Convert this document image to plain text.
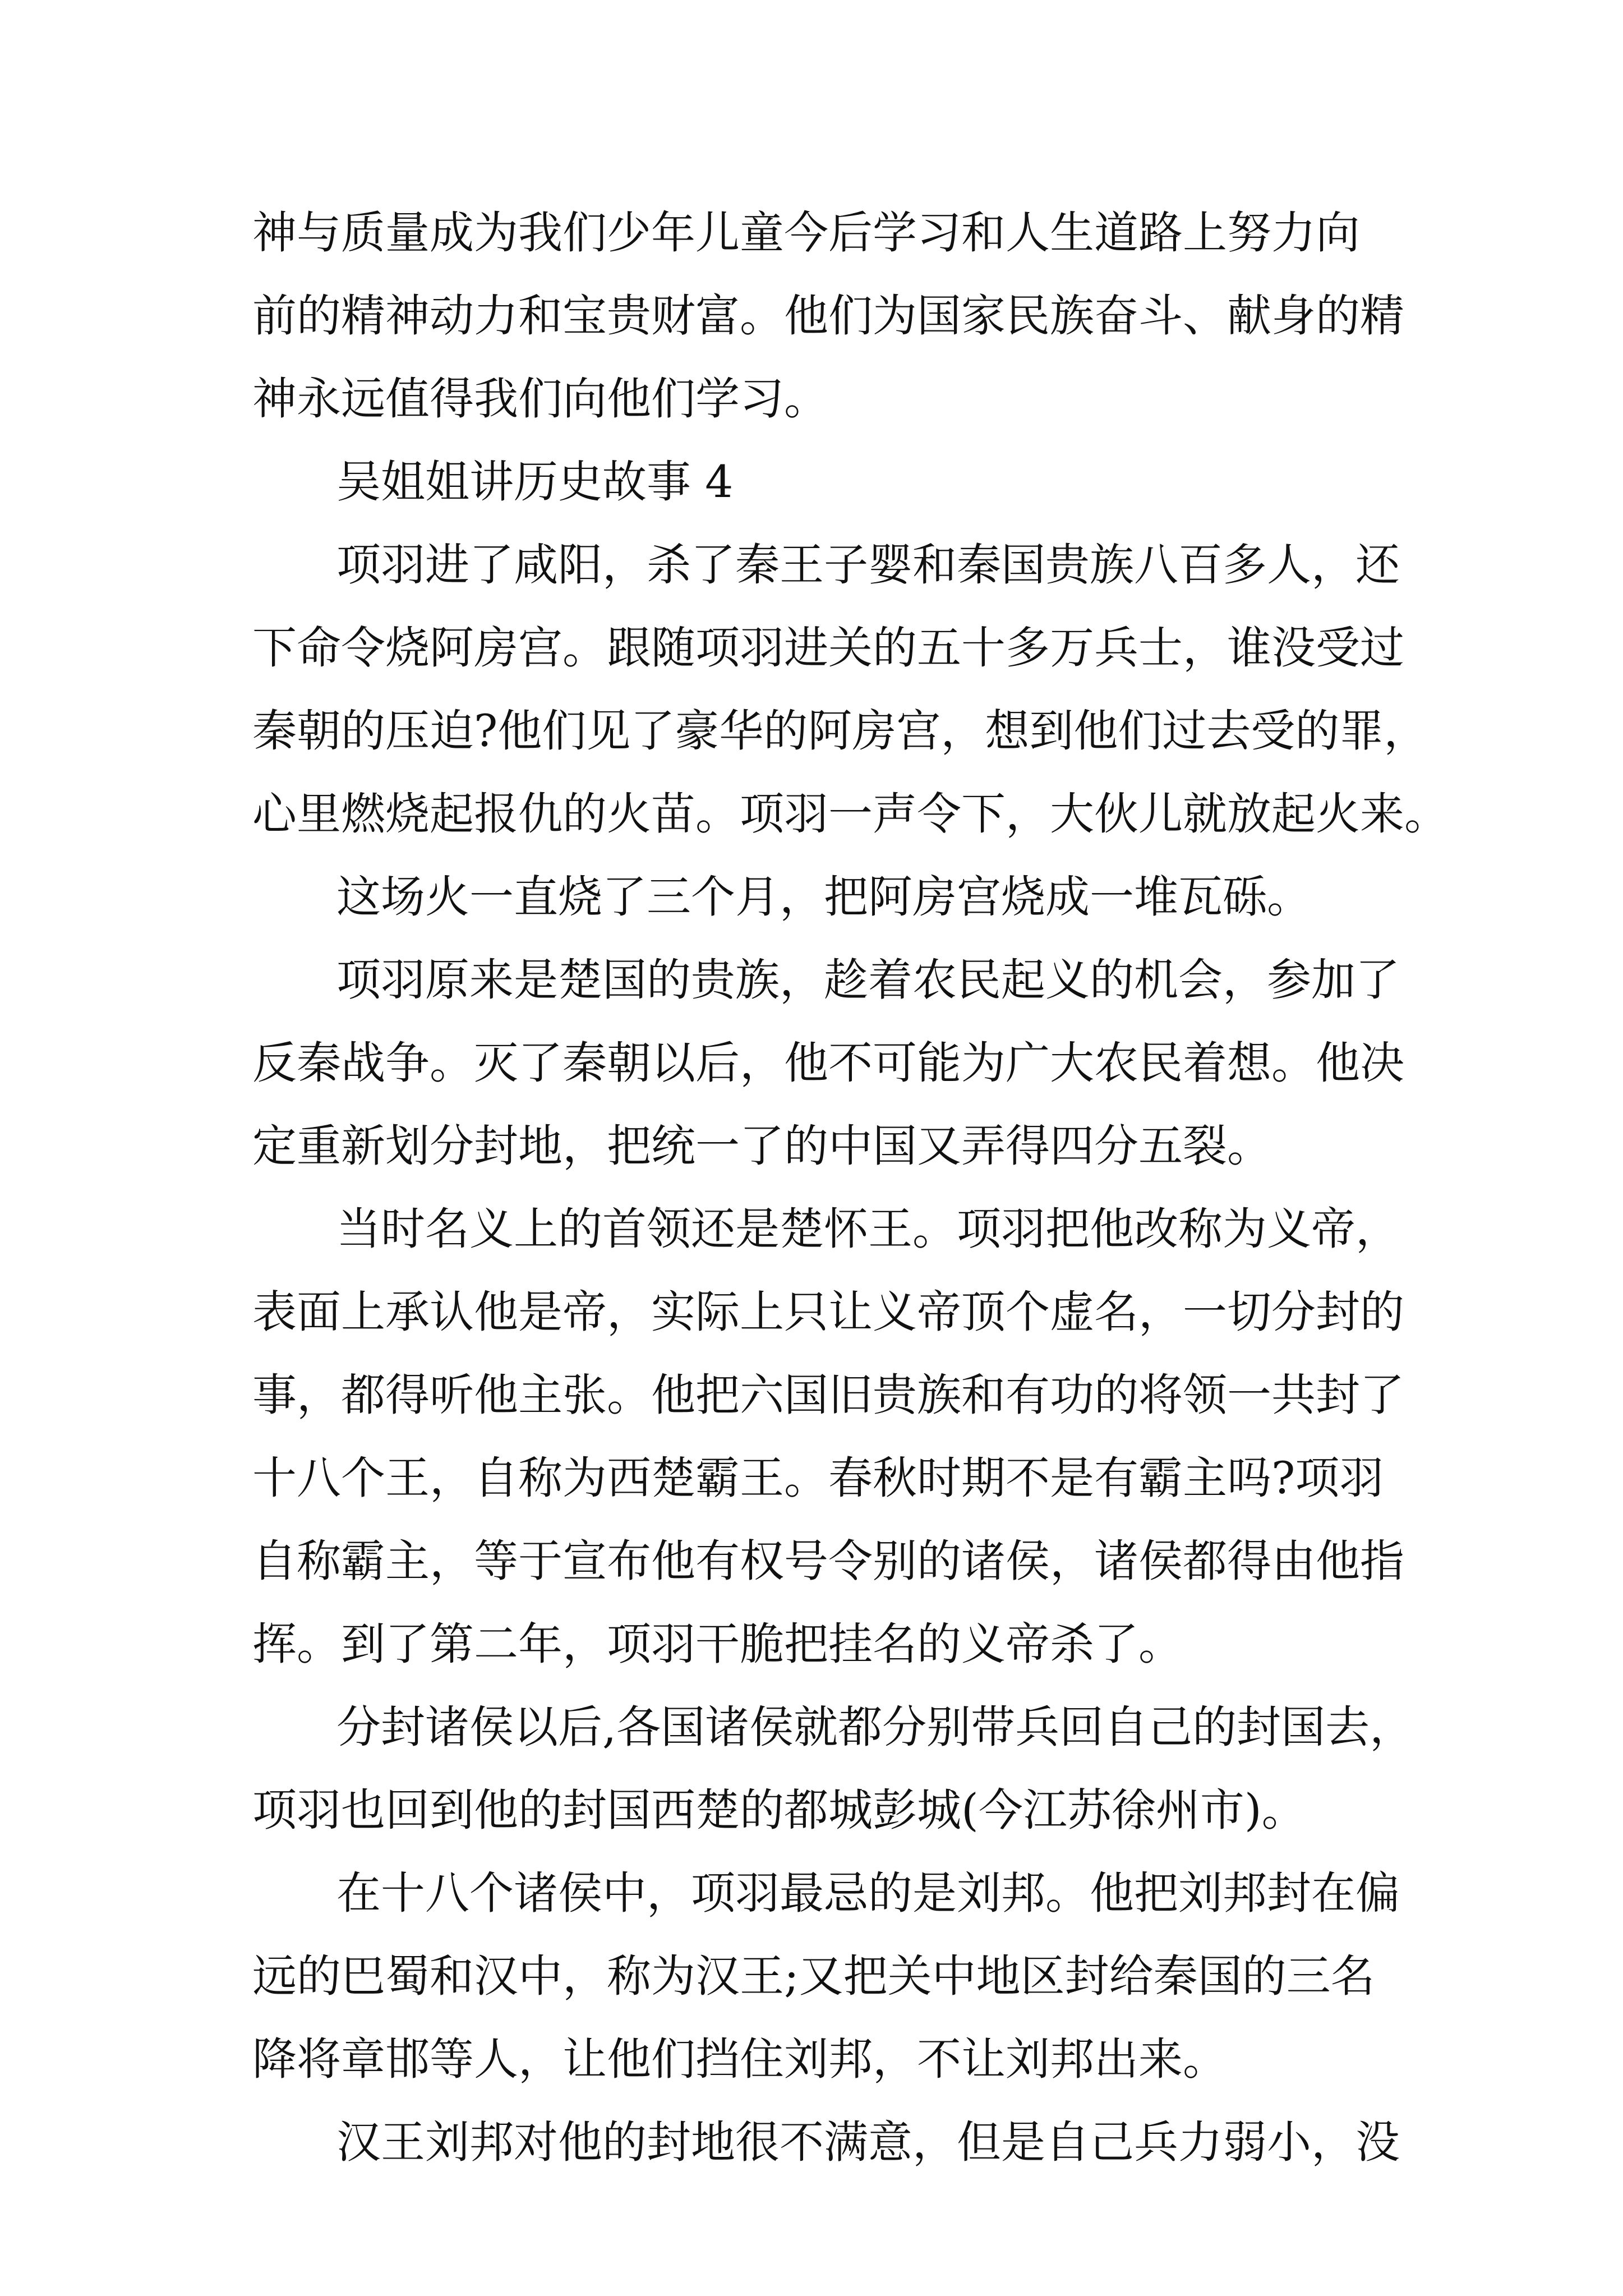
神与质量成为我们少年儿童今后学习和人生道路上努力向
前的精神动力和宝贵财富。他们为国家民族奋斗、献身的精
神永远值得我们向他们学习。
吴姐姐讲历史故事 4
项羽进了咸阳，杀了秦王子婴和秦国贵族八百多人，还
下命令烧阿房宫。跟随项羽进关的五十多万兵士，谁没受过
秦朝的压迫?他们见了豪华的阿房宫，想到他们过去受的罪，
心里燃烧起报仇的火苗。项羽一声令下，大伙儿就放起火来。
这场火一直烧了三个月，把阿房宫烧成一堆瓦砾。
项羽原来是楚国的贵族，趁着农民起义的机会，参加了
反秦战争。灭了秦朝以后，他不可能为广大农民着想。他决
定重新划分封地，把统一了的中国又弄得四分五裂。
当时名义上的首领还是楚怀王。项羽把他改称为义帝，
表面上承认他是帝，实际上只让义帝顶个虚名，一切分封的
事，都得听他主张。他把六国旧贵族和有功的将领一共封了
十八个王，自称为西楚霸王。春秋时期不是有霸主吗?项羽
自称霸主，等于宣布他有权号令别的诸侯，诸侯都得由他指
挥。到了第二年，项羽干脆把挂名的义帝杀了。
分封诸侯以后,各国诸侯就都分别带兵回自己的封国去，
项羽也回到他的封国西楚的都城彭城(今江苏徐州市)。
在十八个诸侯中，项羽最忌的是刘邦。他把刘邦封在偏
远的巴蜀和汉中，称为汉王;又把关中地区封给秦国的三名
降将章邯等人，让他们挡住刘邦，不让刘邦出来。
汉王刘邦对他的封地很不满意，但是自己兵力弱小，没
